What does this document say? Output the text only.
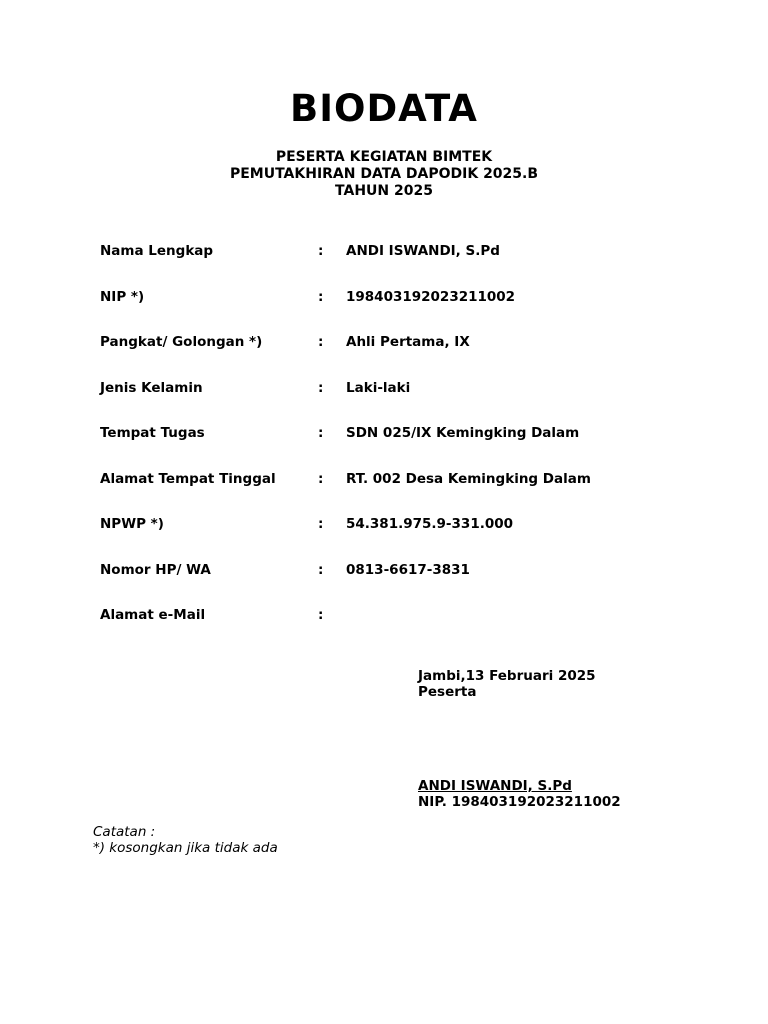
BIODATA
PESERTA KEGIATAN BIMTEK
PEMUTAKHIRAN DATA DAPODIK 2025.B
TAHUN 2025
Nama Lengkap	: ANDI ISWANDI, S.Pd
NIP *)	: 198403192023211002
Pangkat/ Golongan *)	: Ahli Pertama, IX
Jenis Kelamin	: Laki-laki
Tempat Tugas	: SDN 025/IX Kemingking Dalam
Alamat Tempat Tinggal	: RT. 002 Desa Kemingking Dalam
NPWP *)	: 54.381.975.9-331.000
Nomor HP/ WA	: 0813-6617-3831
Alamat e-Mail	:
Jambi,13 Februari 2025
Peserta
ANDI ISWANDI, S.Pd
NIP. 198403192023211002
Catatan :
*) kosongkan jika tidak ada
